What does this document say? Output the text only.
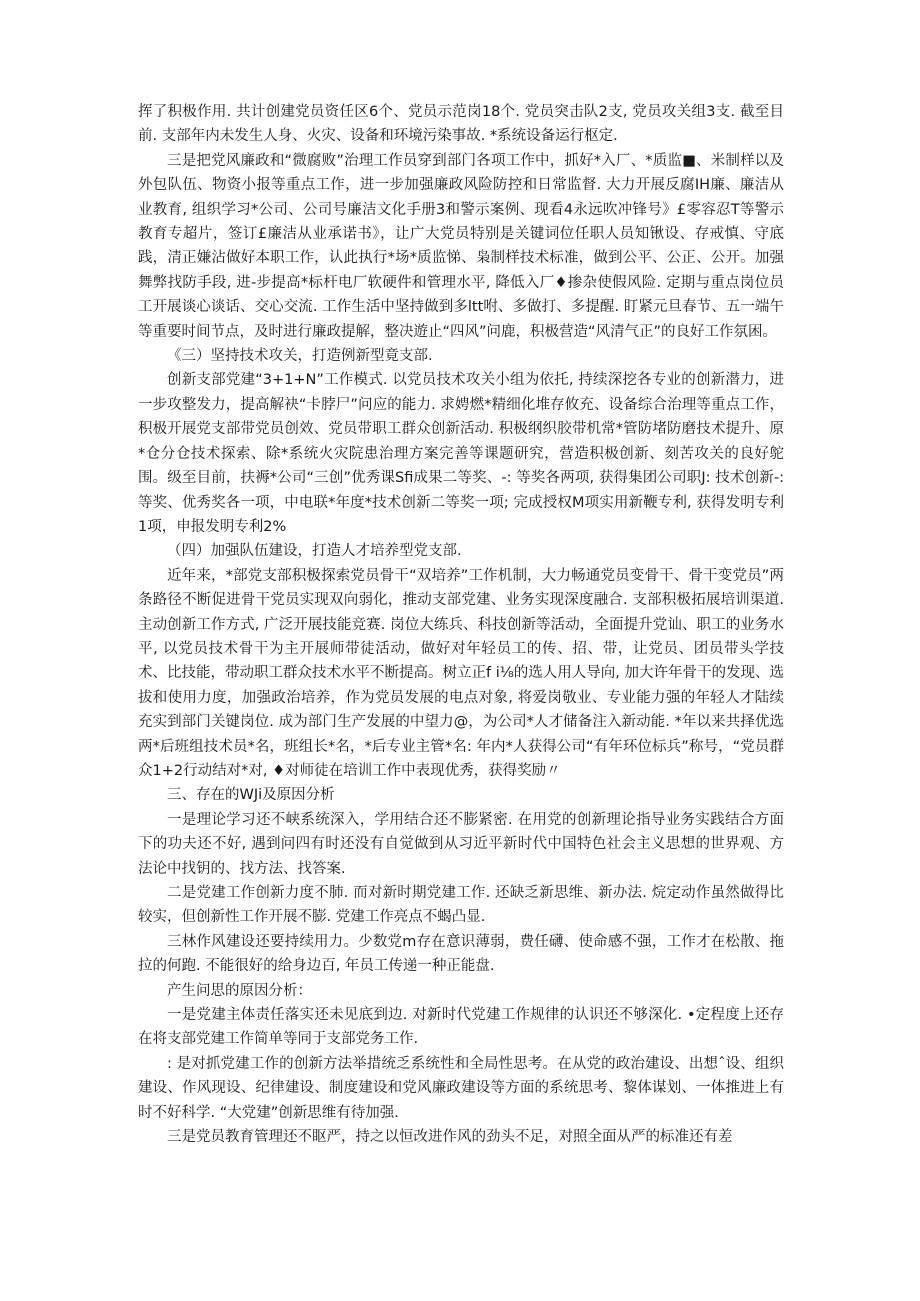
挥了积极作用. 共计创建党员资任区6个、党员示范岗18个. 党员突击队2支, 党员攻关组3支. 截至目前. 支部年内未发生人身、火灾、设备和环境污染事故. *系统设备运行枢定.

三是把党风廉政和“微腐败”治理工作员穿到部门各项工作中，抓好*入厂、*质监■、米制样以及外包队伍、物资小报等重点工作，进一步加强廉政风险防控和日常监督. 大力开展反腐IH廉、廉洁从业教育, 组织学习*公司、公司号廉洁文化手册3和警示案例、现看4永远吹冲锋号》£零容忍T等警示教育专超片，签订£廉洁从业承诺书》，让广大党员特别是关键词位任职人员知锹设、存戒慎、守底践，清正嫌沾做好本职工作，认此执行*场*质监悌、枭制样技术标准，做到公平、公正、公开。加强舞弊找防手段, 进-步提高*标杆电厂软硬件和管理水平, 降低入厂♦掺杂使假风险. 定期与重点岗位员工开展谈心谈话、交心交流. 工作生活中坚持做到多ltt咐、多做打、多提醒. 盯紧元旦春节、五一端午等重要时间节点，及时进行廉政提解，整决遊止“四风”问鹿，积极营造“风清气正”的良好工作氛困。

《三）坚持技术攻关，打造例新型竟支部.

创新支部党建“3+1+N”工作模式. 以党员技术攻关小组为依托, 持续深挖各专业的创新潜力，进一步攻整发力，提高解袂“卡脖尸”问应的能力. 求娉燃*精细化堆存攸充、设备综合治理等重点工作，积极开展党支部带党员创效、党员带职工群众创新活动. 积极纲织胶带机常*管防堵防磨技术提升、原*仓分仓技术探索、除*系统火灾院患治理方案完善等课题研究，营造积极创新、刻苦攻关的良好鸵围。级至目前，扶褥*公司“三创”优秀课Sfi成果二等奖、-: 等奖各两项, 获得集团公司职J: 技术创新-: 等奖、优秀奖各一项，中电联*年度*技术创新二等奖一项; 完成授权M项实用新鞭专利, 获得发明专利1项，申报发明专利2%

（四）加强队伍建设，打造人才培养型党支部.

近年来，*部党支部积极探索党员骨干“双培养”工作机制，大力畅通党员变骨干、骨干变党员”两条路径不断促进骨干党员实现双向弱化，推动支部党建、业务实现深度融合. 支部积极拓展培训渠道. 主动创新工作方式, 广泛开展技能竞赛. 岗位大练兵、科技创新等活动，全面提升党讪、职工的业务水平, 以党员技术骨干为主开展师带徒活动，做好对年轻员工的传、招、带，让党员、团员带头学技术、比技能，带动职工群众技术水平不断提高。树立正f i⅛的选人用人导向, 加大许年骨干的发现、选拔和使用力度，加强政治培养，作为党员发展的电点对象, 将爱岗敬业、专业能力强的年轻人才陆续充实到部门关键岗位. 成为部门生产发展的中望力@，为公司*人才储备注入新动能. *年以来共择优选两*后班组技术员*名，班组长*名，*后专业主管*名: 年内*人获得公司“有年环位标兵”称号，“党员群众1+2行动结对*对, ♦对师徒在培训工作中表现优秀，获得奖励〃

三、存在的WJi及原因分析

一是理论学习还不峡系统深入，学用结合还不膨紧密. 在用党的创新理论指导业务实践结合方面下的功夫还不好, 遇到问四有时还没有自觉做到从习近平新时代中国特色社会主义思想的世界观、方法论中找钥的、找方法、找答案.

二是党建工作创新力度不肺. 而对新时期党建工作. 还缺乏新思维、新办法. 烷定动作虽然做得比较实，但创新性工作开展不膨. 党建工作亮点不蝎凸显.

三林作风建设还要持续用力。少数党m存在意识薄弱，费任礴、使命感不强，工作才在松散、拖拉的何跑. 不能很好的给身边百, 年员工传递一种正能盘.

产生问思的原因分析：

一是党建主体责任落实还未见底到边. 对新时代党建工作规律的认识还不够深化. •定程度上还存在将支部党建工作简单等同于支部党务工作.

: 是对抓党建工作的创新方法举措统乏系统性和全局性思考。在从党的政治建设、出想ˆ设、组织建设、作风现设、纪律建设、制度建设和党风廉政建设等方面的系统思考、黎体谋划、一体推进上有时不好科学. “大党建”创新思维有待加强.

三是党员教育管理还不眍严，持之以恒改进作风的劲头不足，对照全面从严的标准还有差
